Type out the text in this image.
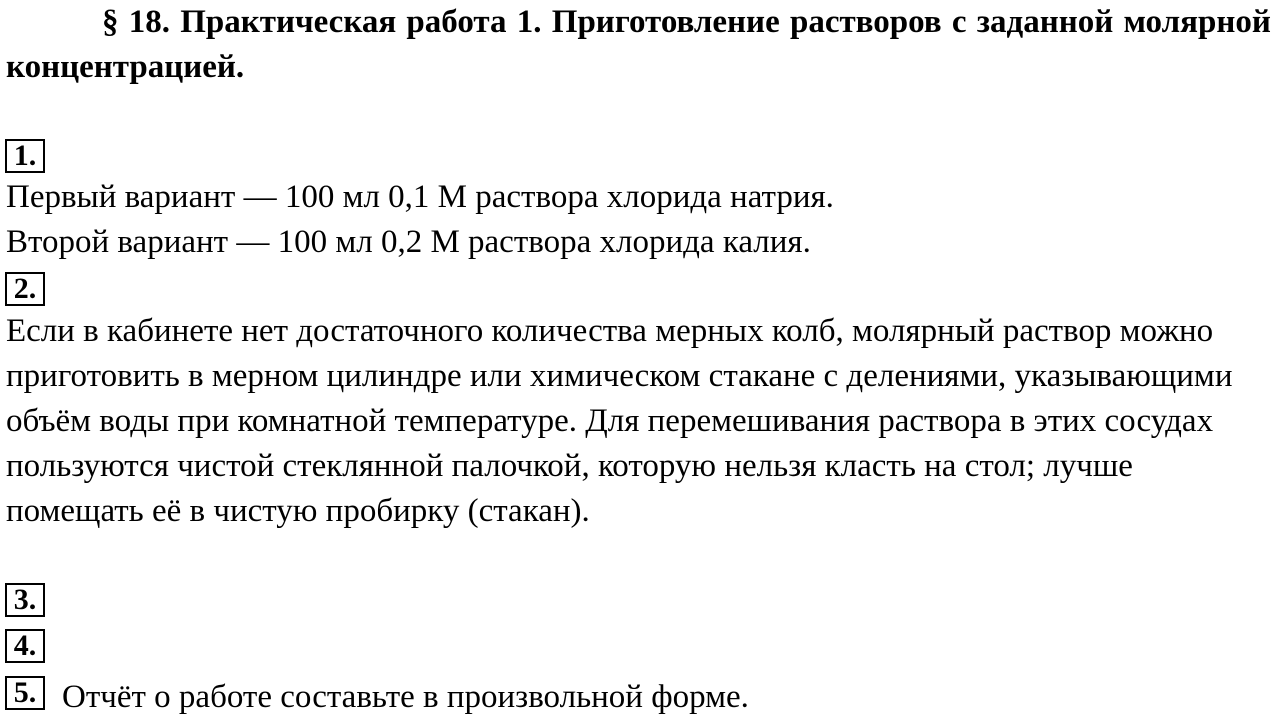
§ 18. Практическая работа 1. Приготовление растворов с заданной молярной концентрацией.
1.

Первый вариант — 100 мл 0,1 М раствора хлорида натрия.

Второй вариант — 100 мл 0,2 М раствора хлорида калия.

2.

Если в кабинете нет достаточного количества мерных колб, молярный раствор можно приготовить в мерном цилиндре или химическом стакане с делениями, указывающими объём воды при комнатной температуре. Для перемешивания раствора в этих сосудах пользуются чистой стеклянной палочкой, которую нельзя класть на стол; лучше помещать её в чистую пробирку (стакан).

3.
4.
5. Отчёт о работе составьте в произвольной форме.
